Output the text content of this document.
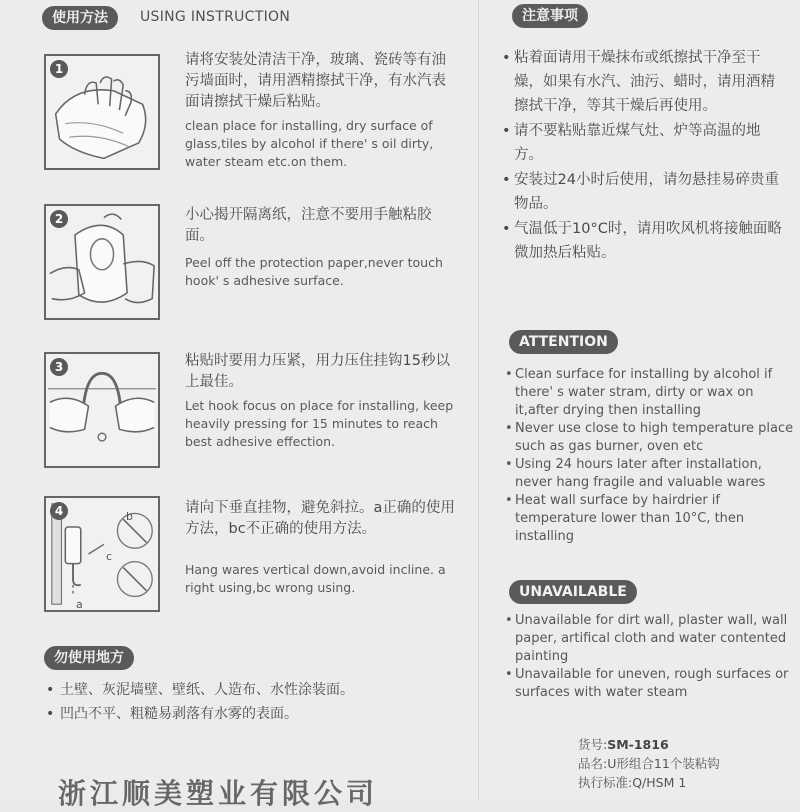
使用方法	USING INSTRUCTION
1
请将安装处清洁干净，玻璃、瓷砖等有油污墙面时，请用酒精擦拭干净，有水汽表面请擦拭干燥后粘贴。
clean place for installing, dry surface of glass,tiles by alcohol if there' s oil dirty, water steam etc.on them.
2	小心揭开隔离纸，注意不要用手触粘胶面。
Peel off the protection paper,never touch hook' s adhesive surface.
3	粘贴时要用力压紧，用力压住挂钩15秒以上最佳。
Let hook focus on place for installing, keep heavily pressing for 15 minutes to reach best adhesive effection.
4	b
c
a
请向下垂直挂物，避免斜拉。a正确的使用方法，bc不正确的使用方法。
Hang wares vertical down,avoid incline. a right using,bc wrong using.
勿使用地方
• 土壁、灰泥墙壁、壁纸、人造布、水性涂装面。
• 凹凸不平、粗糙易剥落有水雾的表面。
浙江顺美塑业有限公司
注意事项
• 粘着面请用干燥抹布或纸擦拭干净至干燥，如果有水汽、油污、蜡时，请用酒精擦拭干净，等其干燥后再使用。
• 请不要粘贴靠近煤气灶、炉等高温的地方。
• 安装过24小时后使用，请勿悬挂易碎贵重物品。
• 气温低于10°C时，请用吹风机将接触面略微加热后粘贴。
ATTENTION
• Clean surface for installing by alcohol if there' s water stram, dirty or wax on it,after drying then installing
• Never use close to high temperature place such as gas burner, oven etc
• Using 24 hours later after installation, never hang fragile and valuable wares
• Heat wall surface by hairdrier if temperature lower than 10°C, then installing
UNAVAILABLE
• Unavailable for dirt wall, plaster wall, wall paper, artifical cloth and water contented painting
• Unavailable for uneven, rough surfaces or surfaces with water steam
货号:SM-1816
品名:U形组合11个装粘钩
执行标准:Q/HSM 1
